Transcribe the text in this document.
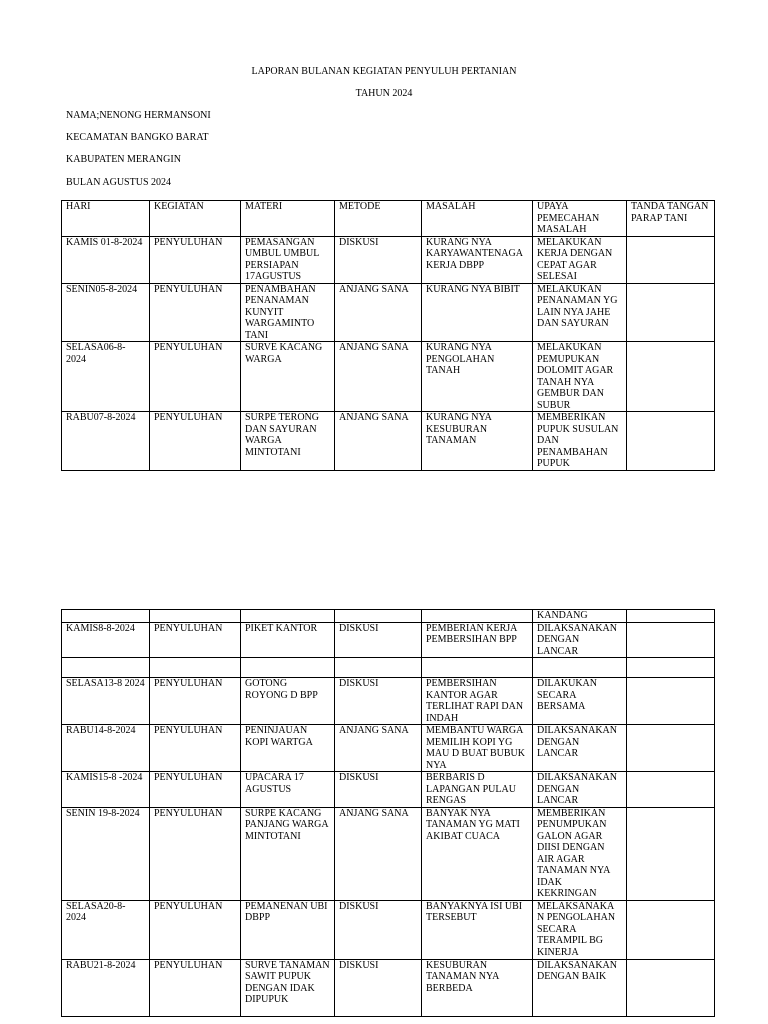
LAPORAN BULANAN KEGIATAN PENYULUH PERTANIAN
TAHUN 2024
NAMA;NENONG HERMANSONI
KECAMATAN BANGKO BARAT
KABUPATEN MERANGIN
BULAN AGUSTUS 2024
HARI	KEGIATAN	MATERI	METODE	MASALAH	UPAYA PEMECAHAN MASALAH	TANDA TANGAN PARAP TANI
KAMIS 01-8-2024	PENYULUHAN	PEMASANGAN UMBUL UMBUL PERSIAPAN 17AGUSTUS	DISKUSI	KURANG NYA KARYAWANTENAGA KERJA DBPP	MELAKUKAN KERJA DENGAN CEPAT AGAR SELESAI	
SENIN05-8-2024	PENYULUHAN	PENAMBAHAN PENANAMAN KUNYIT WARGAMINTO TANI	ANJANG SANA	KURANG NYA BIBIT	MELAKUKAN PENANAMAN YG LAIN NYA JAHE DAN SAYURAN	
SELASA06-8-2024	PENYULUHAN	SURVE KACANG WARGA	ANJANG SANA	KURANG NYA PENGOLAHAN TANAH	MELAKUKAN PEMUPUKAN DOLOMIT AGAR TANAH NYA GEMBUR DAN SUBUR	
RABU07-8-2024	PENYULUHAN	SURPE TERONG DAN SAYURAN WARGA MINTOTANI	ANJANG SANA	KURANG NYA KESUBURAN TANAMAN	MEMBERIKAN PUPUK SUSULAN DAN PENAMBAHAN PUPUK	
					KANDANG	
KAMIS8-8-2024	PENYULUHAN	PIKET KANTOR	DISKUSI	PEMBERIAN KERJA PEMBERSIHAN BPP	DILAKSANAKAN DENGAN LANCAR	

SELASA13-8 2024	PENYULUHAN	GOTONG ROYONG D BPP	DISKUSI	PEMBERSIHAN KANTOR AGAR TERLIHAT RAPI DAN INDAH	DILAKUKAN SECARA BERSAMA	
RABU14-8-2024	PENYULUHAN	PENINJAUAN KOPI WARTGA	ANJANG SANA	MEMBANTU WARGA MEMILIH KOPI YG MAU D BUAT BUBUK NYA	DILAKSANAKAN DENGAN LANCAR	
KAMIS15-8 -2024	PENYULUHAN	UPACARA 17 AGUSTUS	DISKUSI	BERBARIS D LAPANGAN PULAU RENGAS	DILAKSANAKAN DENGAN LANCAR	
SENIN 19-8-2024	PENYULUHAN	SURPE KACANG PANJANG WARGA MINTOTANI	ANJANG SANA	BANYAK NYA TANAMAN YG MATI AKIBAT CUACA	MEMBERIKAN PENUMPUKAN GALON AGAR DIISI DENGAN AIR AGAR TANAMAN NYA IDAK KEKRINGAN	
SELASA20-8-2024	PENYULUHAN	PEMANENAN UBI DBPP	DISKUSI	BANYAKNYA ISI UBI TERSEBUT	MELAKSANAKA N PENGOLAHAN SECARA TERAMPIL BG KINERJA	
RABU21-8-2024	PENYULUHAN	SURVE TANAMAN SAWIT PUPUK DENGAN IDAK DIPUPUK	DISKUSI	KESUBURAN TANAMAN NYA BERBEDA	DILAKSANAKAN DENGAN BAIK	
